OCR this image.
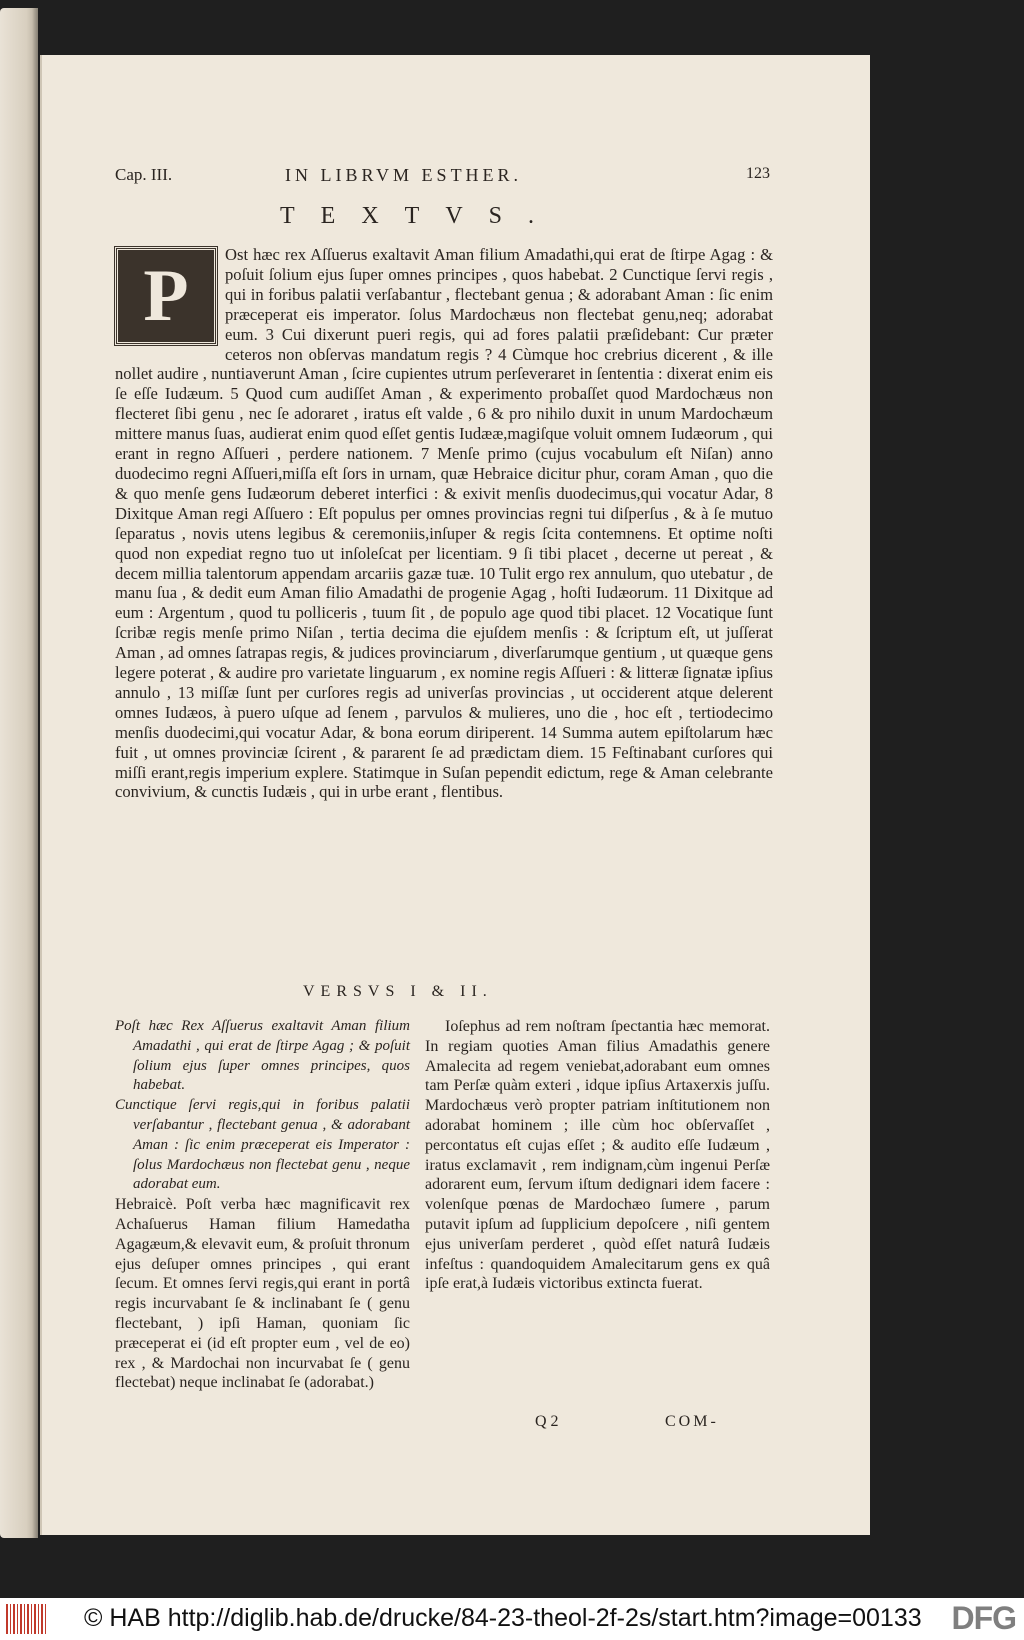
Cap. III.	IN LIBRVM ESTHER.	123
TEXTVS.
P
Ost hæc rex Aſſuerus exaltavit Aman filium Amadathi,qui erat de ſtirpe Agag : & poſuit ſolium ejus ſuper omnes principes , quos habebat. 2 Cunctique ſervi regis , qui in foribus palatii verſabantur , flectebant genua ; & adorabant Aman : ſic enim præceperat eis imperator. ſolus Mardochæus non flectebat genu,neq; adorabat eum. 3 Cui dixerunt pueri regis, qui ad fores palatii præſidebant: Cur præter ceteros non obſervas mandatum regis ? 4 Cùmque hoc crebrius dicerent , & ille nollet audire , nuntiaverunt Aman , ſcire cupientes utrum perſeveraret in ſententia : dixerat enim eis ſe eſſe Iudæum. 5 Quod cum audiſſet Aman , & experimento probaſſet quod Mardochæus non flecteret ſibi genu , nec ſe adoraret , iratus eſt valde , 6 & pro nihilo duxit in unum Mardochæum mittere manus ſuas, audierat enim quod eſſet gentis Iudææ,magiſque voluit omnem Iudæorum , qui erant in regno Aſſueri , perdere nationem. 7 Menſe primo (cujus vocabulum eſt Niſan) anno duodecimo regni Aſſueri,miſſa eſt ſors in urnam, quæ Hebraice dicitur phur, coram Aman , quo die & quo menſe gens Iudæorum deberet interfici : & exivit menſis duodecimus,qui vocatur Adar, 8 Dixitque Aman regi Aſſuero : Eſt populus per omnes provincias regni tui diſperſus , & à ſe mutuo ſeparatus , novis utens legibus & ceremoniis,inſuper & regis ſcita contemnens. Et optime noſti quod non expediat regno tuo ut inſoleſcat per licentiam. 9 ſi tibi placet , decerne ut pereat , & decem millia talentorum appendam arcariis gazæ tuæ. 10 Tulit ergo rex annulum, quo utebatur , de manu ſua , & dedit eum Aman filio Amadathi de progenie Agag , hoſti Iudæorum. 11 Dixitque ad eum : Argentum , quod tu polliceris , tuum ſit , de populo age quod tibi placet. 12 Vocatique ſunt ſcribæ regis menſe primo Niſan , tertia decima die ejuſdem menſis : & ſcriptum eſt, ut juſſerat Aman , ad omnes ſatrapas regis, & judices provinciarum , diverſarumque gentium , ut quæque gens legere poterat , & audire pro varietate linguarum , ex nomine regis Aſſueri : & litteræ ſignatæ ipſius annulo , 13 miſſæ ſunt per curſores regis ad univerſas provincias , ut occiderent atque delerent omnes Iudæos, à puero uſque ad ſenem , parvulos & mulieres, uno die , hoc eſt , tertiodecimo menſis duodecimi,qui vocatur Adar, & bona eorum diriperent. 14 Summa autem epiſtolarum hæc fuit , ut omnes provinciæ ſcirent , & pararent ſe ad prædictam diem. 15 Feſtinabant curſores qui miſſi erant,regis imperium explere. Statimque in Suſan pependit edictum, rege & Aman celebrante convivium, & cunctis Iudæis , qui in urbe erant , flentibus.
VERSVS I & II.
Poſt hæc Rex Aſſuerus exaltavit Aman filium Amadathi , qui erat de ſtirpe Agag ; & poſuit ſolium ejus ſuper omnes principes, quos habebat.
Cunctique ſervi regis,qui in foribus palatii verſabantur , flectebant genua , & adorabant Aman : ſic enim præceperat eis Imperator : ſolus Mardochæus non flectebat genu , neque adorabat eum.

Hebraicè. Poſt verba hæc magnificavit rex Achaſuerus Haman filium Hamedatha Agagæum,& elevavit eum, & proſuit thronum ejus deſuper omnes principes , qui erant ſecum. Et omnes ſervi regis,qui erant in portâ regis incurvabant ſe & inclinabant ſe ( genu flectebant, ) ipſi Haman, quoniam ſic præceperat ei (id eſt propter eum , vel de eo) rex , & Mardochai non incurvabat ſe ( genu flectebat) neque inclinabat ſe (adorabat.)

Ioſephus ad rem noſtram ſpectantia hæc memorat. In regiam quoties Aman filius Amadathis genere Amalecita ad regem veniebat,adorabant eum omnes tam Perſæ quàm exteri , idque ipſius Artaxerxis juſſu. Mardochæus verò propter patriam inſtitutionem non adorabat hominem ; ille cùm hoc obſervaſſet , percontatus eſt cujas eſſet ; & audito eſſe Iudæum , iratus exclamavit , rem indignam,cùm ingenui Perſæ adorarent eum, ſervum iſtum dedignari idem facere : volenſque pœnas de Mardochæo ſumere , parum putavit ipſum ad ſupplicium depoſcere , niſi gentem ejus univerſam perderet , quòd eſſet naturâ Iudæis infeſtus : quandoquidem Amalecitarum gens ex quâ ipſe erat,à Iudæis victoribus extincta fuerat.

Q 2	COM-
© HAB http://diglib.hab.de/drucke/84-23-theol-2f-2s/start.htm?image=00133 DFG
